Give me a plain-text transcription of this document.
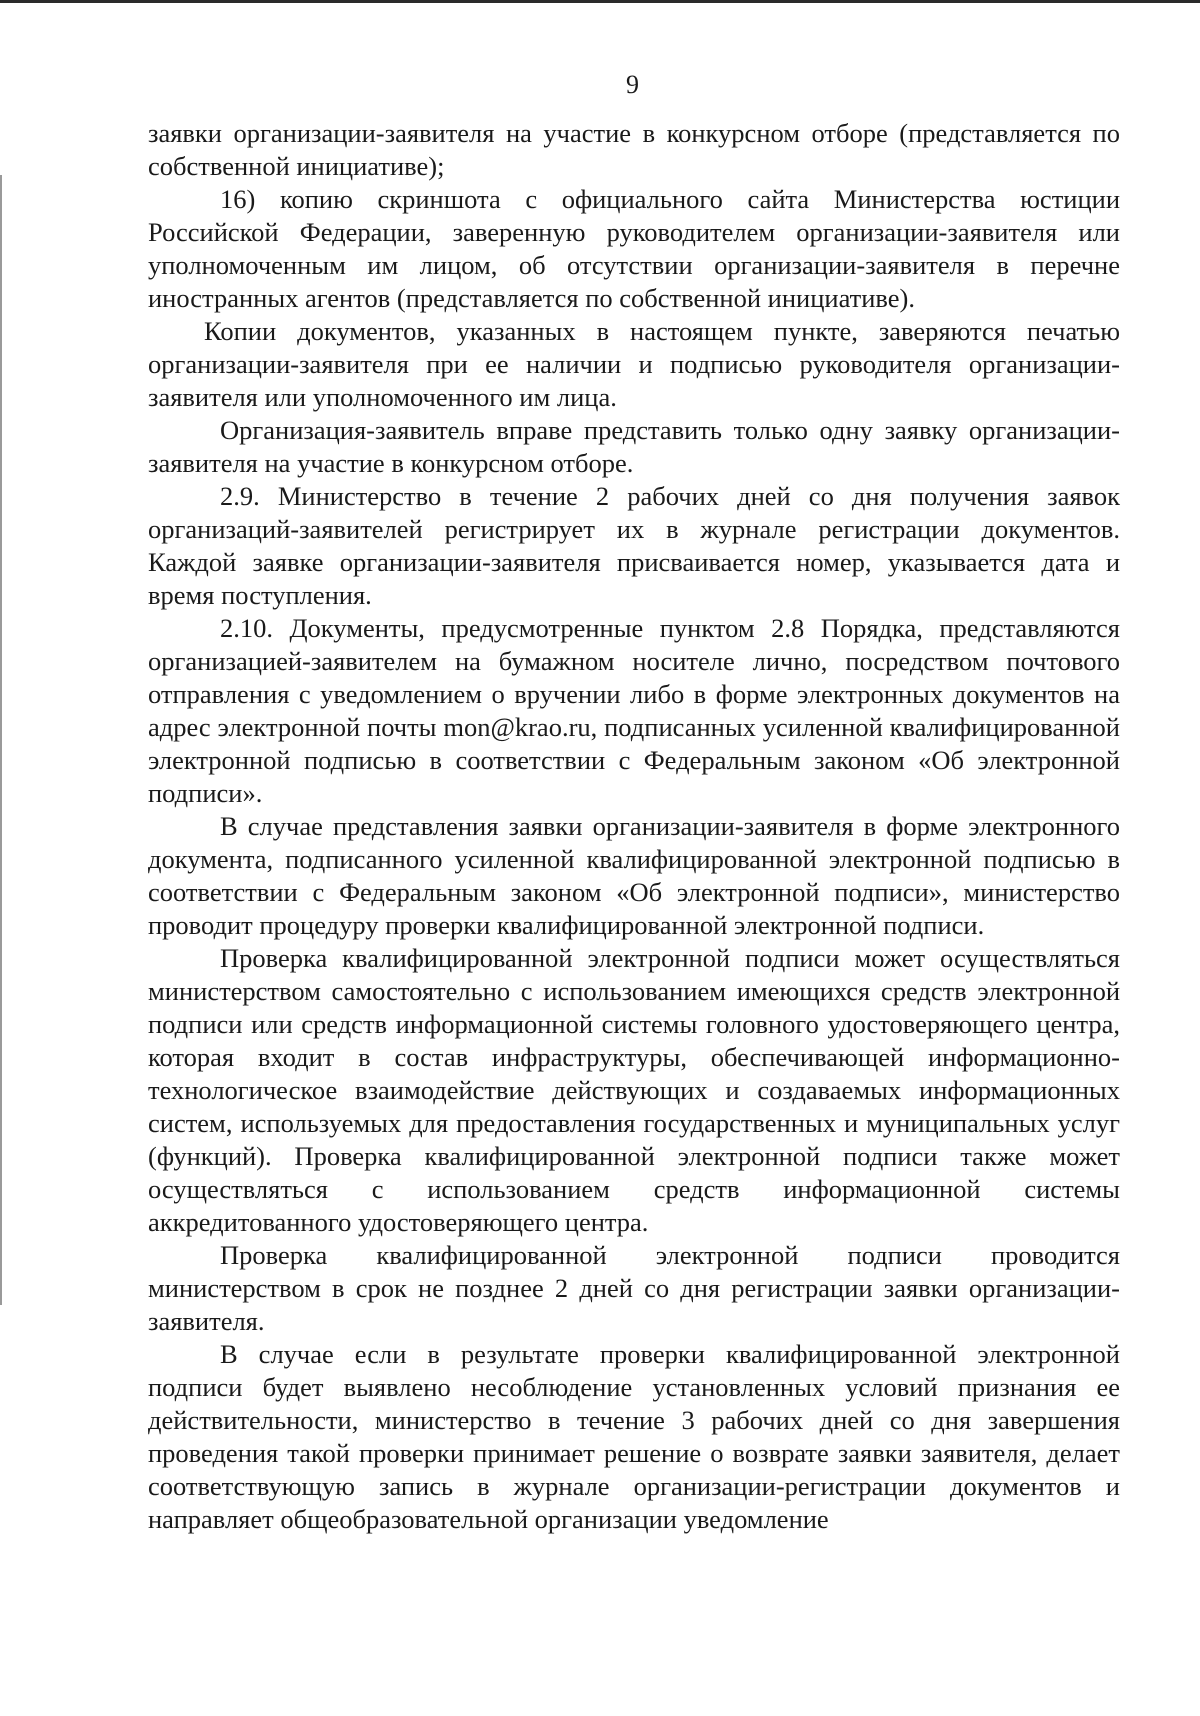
9

заявки организации-заявителя на участие в конкурсном отборе (представляется по собственной инициативе);

16) копию скриншота с официального сайта Министерства юстиции Российской Федерации, заверенную руководителем организации-заявителя или уполномоченным им лицом, об отсутствии организации-заявителя в перечне иностранных агентов (представляется по собственной инициативе).

Копии документов, указанных в настоящем пункте, заверяются печатью организации-заявителя при ее наличии и подписью руководителя организации-заявителя или уполномоченного им лица.

Организация-заявитель вправе представить только одну заявку организации-заявителя на участие в конкурсном отборе.

2.9. Министерство в течение 2 рабочих дней со дня получения заявок организаций-заявителей регистрирует их в журнале регистрации документов. Каждой заявке организации-заявителя присваивается номер, указывается дата и время поступления.

2.10. Документы, предусмотренные пунктом 2.8 Порядка, представляются организацией-заявителем на бумажном носителе лично, посредством почтового отправления с уведомлением о вручении либо в форме электронных документов на адрес электронной почты mon@krao.ru, подписанных усиленной квалифицированной электронной подписью в соответствии с Федеральным законом «Об электронной подписи».

В случае представления заявки организации-заявителя в форме электронного документа, подписанного усиленной квалифицированной электронной подписью в соответствии с Федеральным законом «Об электронной подписи», министерство проводит процедуру проверки квалифицированной электронной подписи.

Проверка квалифицированной электронной подписи может осуществляться министерством самостоятельно с использованием имеющихся средств электронной подписи или средств информационной системы головного удостоверяющего центра, которая входит в состав инфраструктуры, обеспечивающей информационно-технологическое взаимодействие действующих и создаваемых информационных систем, используемых для предоставления государственных и муниципальных услуг (функций). Проверка квалифицированной электронной подписи также может осуществляться с использованием средств информационной системы аккредитованного удостоверяющего центра.

Проверка квалифицированной электронной подписи проводится министерством в срок не позднее 2 дней со дня регистрации заявки организации-заявителя.

В случае если в результате проверки квалифицированной электронной подписи будет выявлено несоблюдение установленных условий признания ее действительности, министерство в течение 3 рабочих дней со дня завершения проведения такой проверки принимает решение о возврате заявки заявителя, делает соответствующую запись в журнале организации-регистрации документов и направляет общеобразовательной организации уведомление
